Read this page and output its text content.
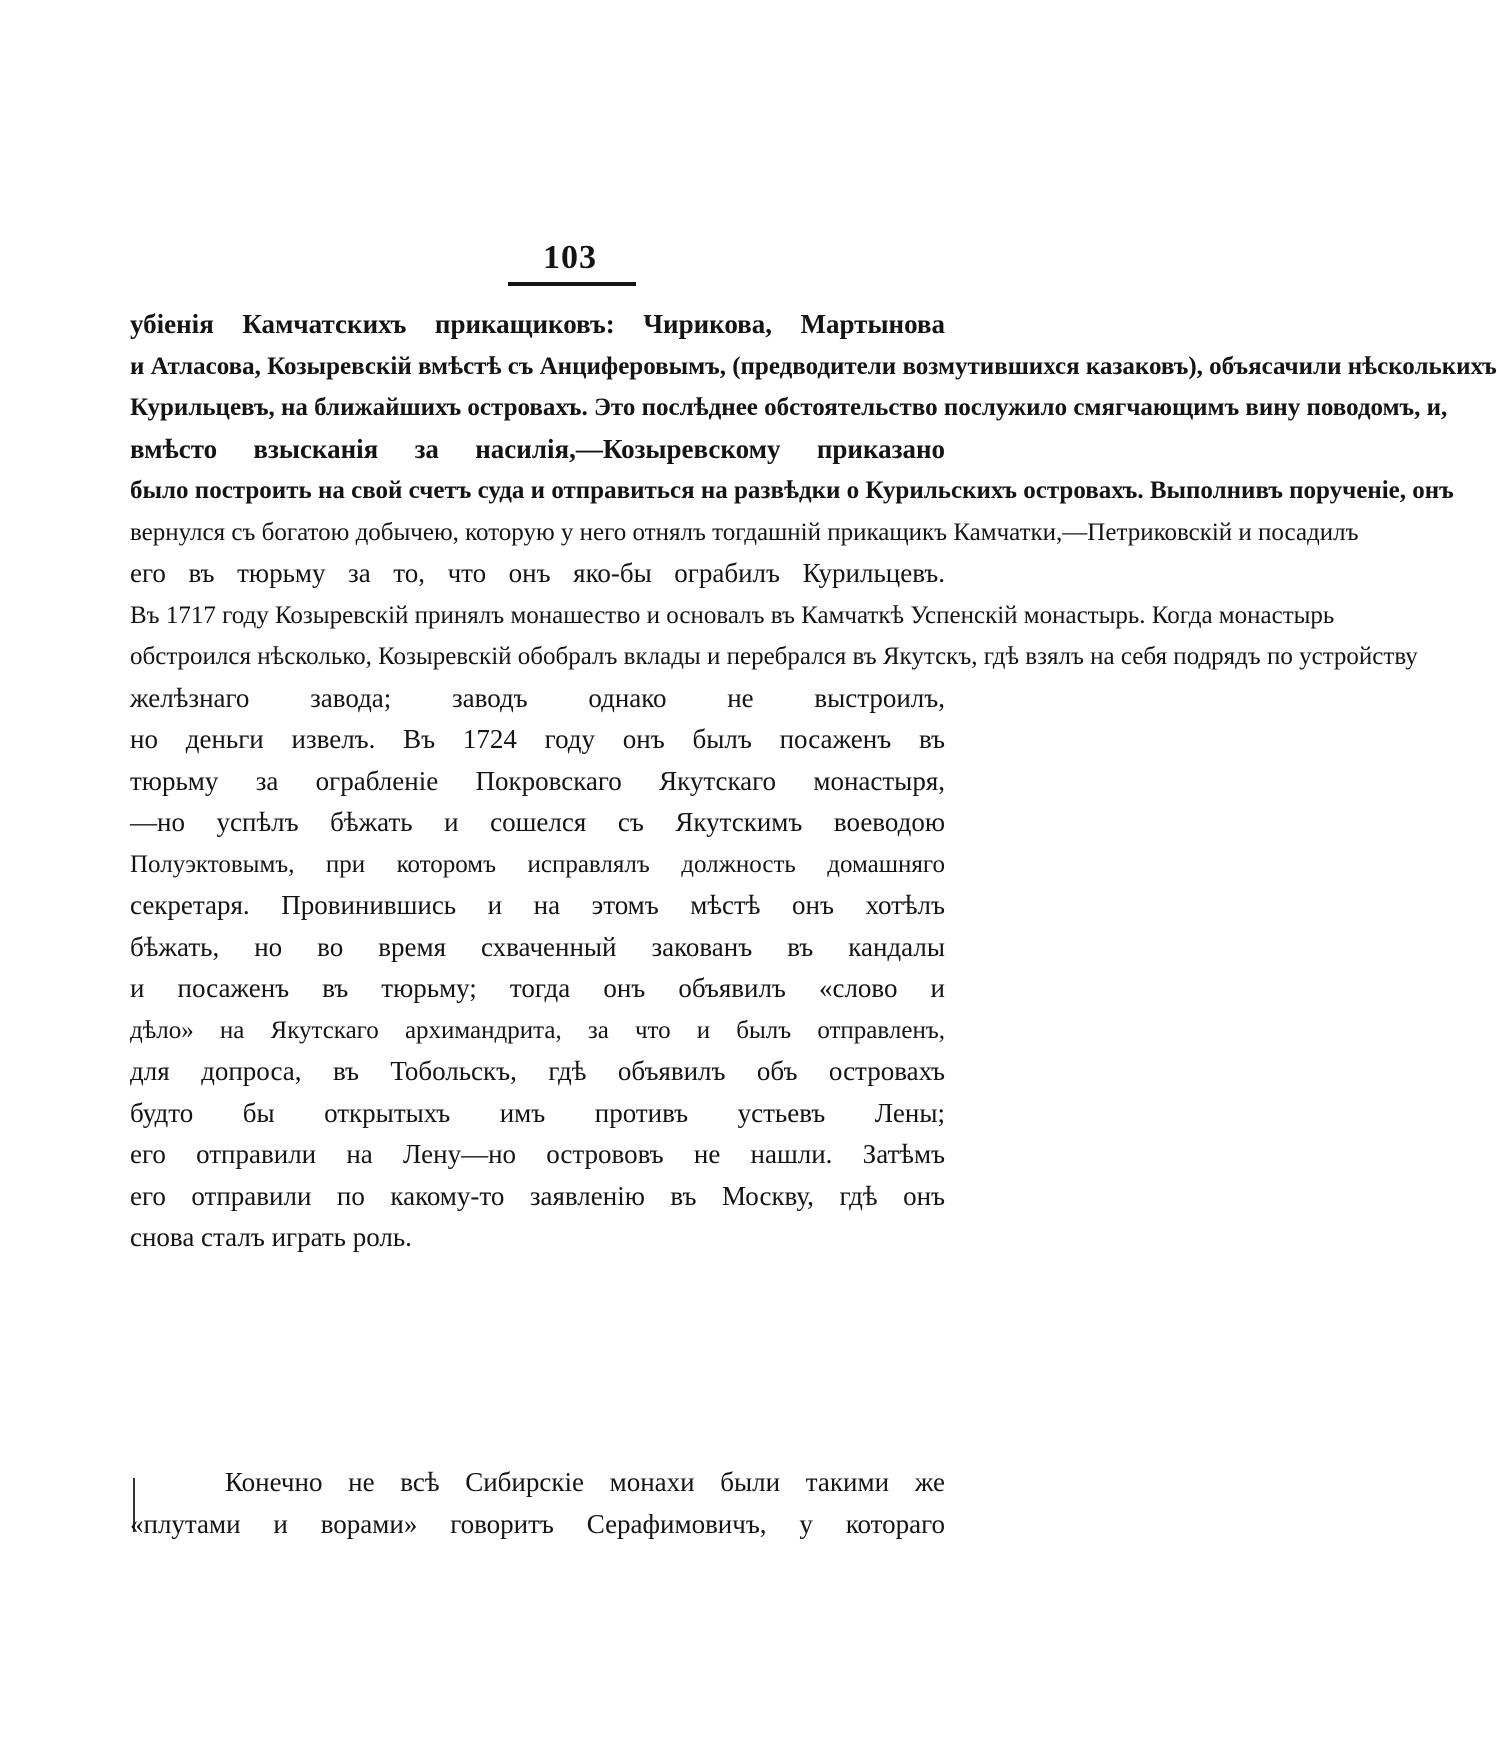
103
убіенія Камчатскихъ прикащиковъ: Чирикова, Мартынова
и Атласова, Козыревскій вмѣстѣ съ Анциферовымъ, (предводители возмутившихся казаковъ), объясачили нѣсколькихъ
Курильцевъ, на ближайшихъ островахъ. Это послѣднее обстоятельство послужило смягчающимъ вину поводомъ, и,
вмѣсто взысканія за насилія,—Козыревскому приказано
было построить на свой счетъ суда и отправиться на развѣдки о Курильскихъ островахъ. Выполнивъ порученіе, онъ
вернулся съ богатою добычею, которую у него отнялъ тогдашній прикащикъ Камчатки,—Петриковскій и посадилъ
его въ тюрьму за то, что онъ яко-бы ограбилъ Курильцевъ.
Въ 1717 году Козыревскій принялъ монашество и основалъ въ Камчаткѣ Успенскій монастырь. Когда монастырь
обстроился нѣсколько, Козыревскій обобралъ вклады и перебрался въ Якутскъ, гдѣ взялъ на себя подрядъ по устройству
желѣзнаго завода; заводъ однако не выстроилъ,
но деньги извелъ. Въ 1724 году онъ былъ посаженъ въ
тюрьму за ограбленіе Покровскаго Якутскаго монастыря,
—но успѣлъ бѣжать и сошелся съ Якутскимъ воеводою
Полуэктовымъ, при которомъ исправлялъ должность домашняго
секретаря. Провинившись и на этомъ мѣстѣ онъ хотѣлъ
бѣжать, но во время схваченный закованъ въ кандалы
и посаженъ въ тюрьму; тогда онъ объявилъ «слово и
дѣло» на Якутскаго архимандрита, за что и былъ отправленъ,
для допроса, въ Тобольскъ, гдѣ объявилъ объ островахъ
будто бы открытыхъ имъ противъ устьевъ Лены;
его отправили на Лену—но острововъ не нашли. Затѣмъ
его отправили по какому-то заявленію въ Москву, гдѣ онъ
снова сталъ играть роль.
Конечно не всѣ Сибирскіе монахи были такими же
«плутами и ворами» говоритъ Серафимовичъ, у котораго
